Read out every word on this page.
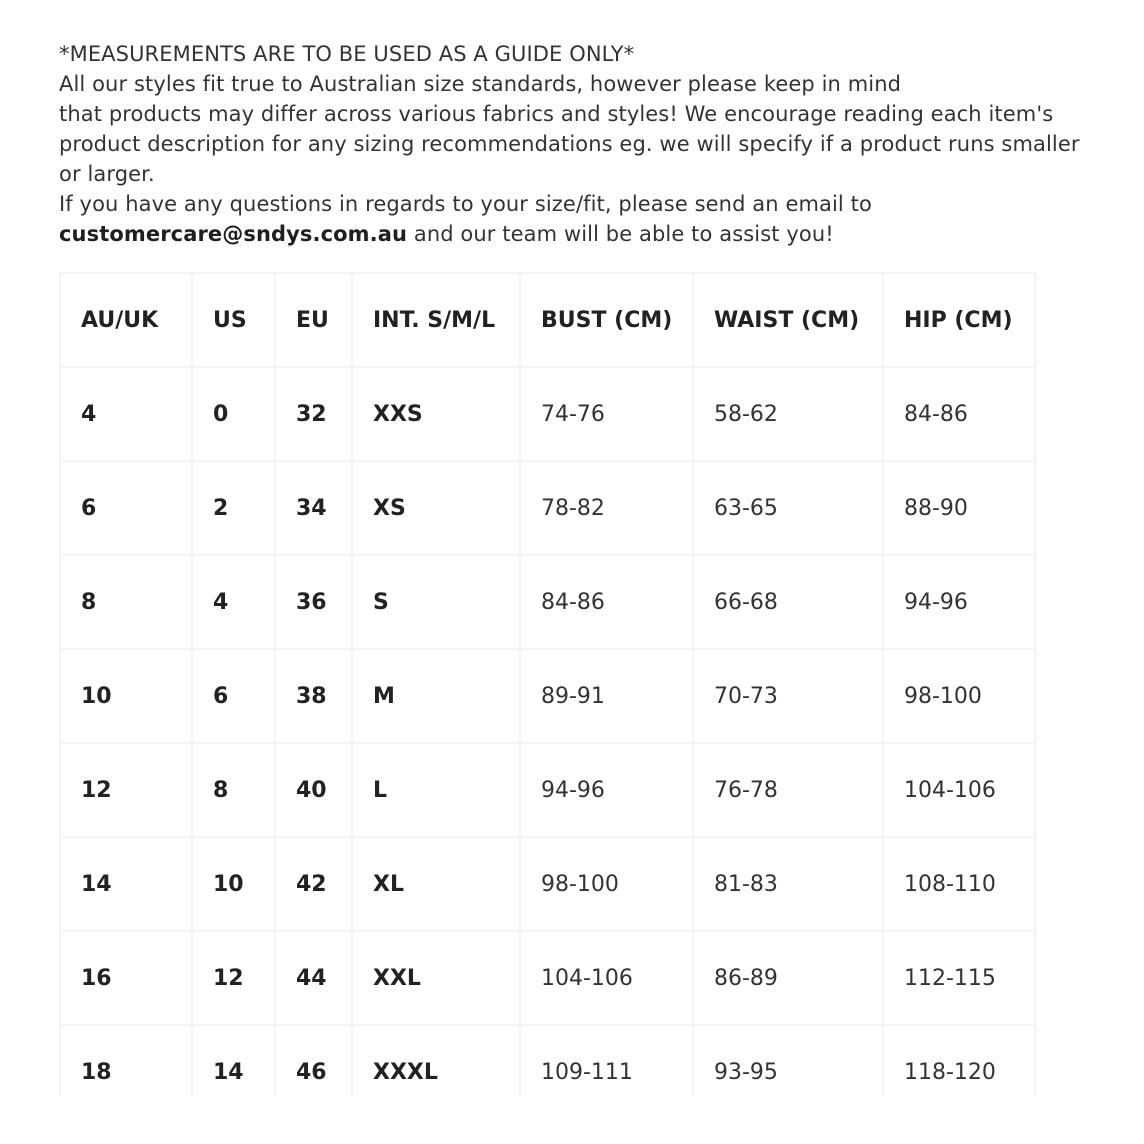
*MEASUREMENTS ARE TO BE USED AS A GUIDE ONLY*

All our styles fit true to Australian size standards, however please keep in mind
that products may differ across various fabrics and styles! We encourage reading each item's product description for any sizing recommendations eg. we will specify if a product runs smaller or larger.

If you have any questions in regards to your size/fit, please send an email to
customercare@sndys.com.au and our team will be able to assist you!

AU/UK	US	EU	INT. S/M/L	BUST (CM)	WAIST (CM)	HIP (CM)
4	0	32	XXS	74-76	58-62	84-86
6	2	34	XS	78-82	63-65	88-90
8	4	36	S	84-86	66-68	94-96
10	6	38	M	89-91	70-73	98-100
12	8	40	L	94-96	76-78	104-106
14	10	42	XL	98-100	81-83	108-110
16	12	44	XXL	104-106	86-89	112-115
18	14	46	XXXL	109-111	93-95	118-120
